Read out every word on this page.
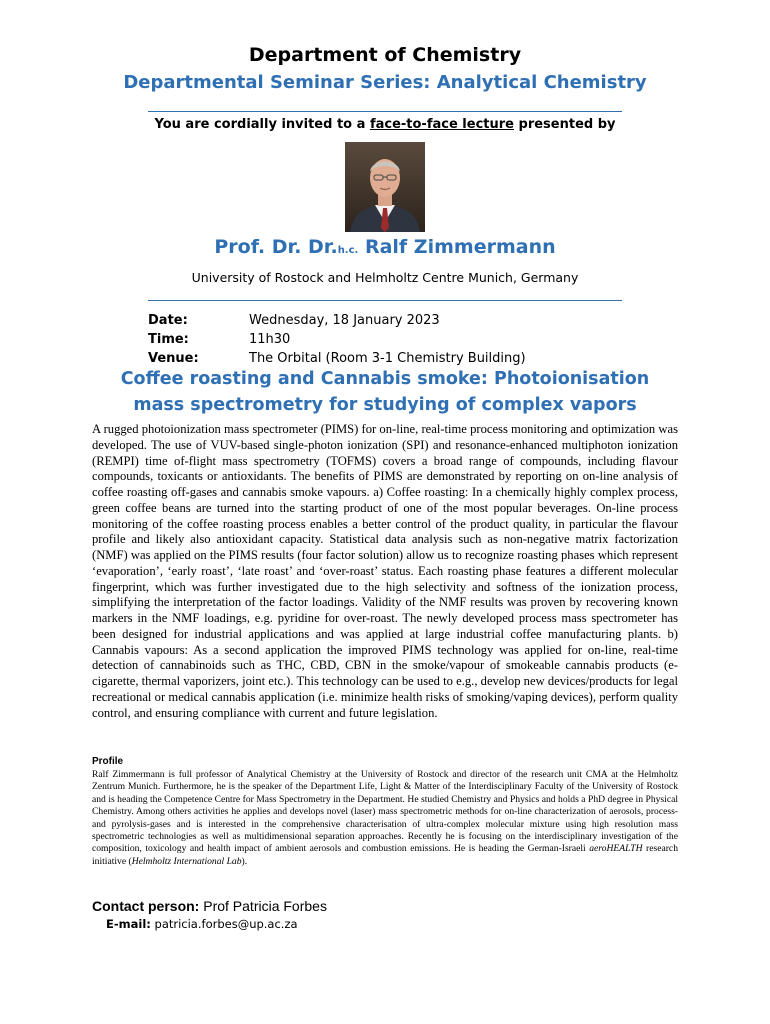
Department of Chemistry
Departmental Seminar Series: Analytical Chemistry
You are cordially invited to a face-to-face lecture presented by
Prof. Dr. Dr.h.c. Ralf Zimmermann
University of Rostock and Helmholtz Centre Munich, Germany
Date:	Wednesday, 18 January 2023
Time:	11h30
Venue:	The Orbital (Room 3-1 Chemistry Building)
Coffee roasting and Cannabis smoke: Photoionisation
mass spectrometry for studying of complex vapors

A rugged photoionization mass spectrometer (PIMS) for on-line, real-time process monitoring and optimization was developed. The use of VUV-based single-photon ionization (SPI) and resonance-enhanced multiphoton ionization (REMPI) time of-flight mass spectrometry (TOFMS) covers a broad range of compounds, including flavour compounds, toxicants or antioxidants. The benefits of PIMS are demonstrated by reporting on on-line analysis of coffee roasting off-gases and cannabis smoke vapours. a) Coffee roasting: In a chemically highly complex process, green coffee beans are turned into the starting product of one of the most popular beverages. On-line process monitoring of the coffee roasting process enables a better control of the product quality, in particular the flavour profile and likely also antioxidant capacity. Statistical data analysis such as non-negative matrix factorization (NMF) was applied on the PIMS results (four factor solution) allow us to recognize roasting phases which represent ‘evaporation’, ‘early roast’, ‘late roast’ and ‘over-roast’ status. Each roasting phase features a different molecular fingerprint, which was further investigated due to the high selectivity and softness of the ionization process, simplifying the interpretation of the factor loadings. Validity of the NMF results was proven by recovering known markers in the NMF loadings, e.g. pyridine for over-roast. The newly developed process mass spectrometer has been designed for industrial applications and was applied at large industrial coffee manufacturing plants. b) Cannabis vapours: As a second application the improved PIMS technology was applied for on-line, real-time detection of cannabinoids such as THC, CBD, CBN in the smoke/vapour of smokeable cannabis products (e-cigarette, thermal vaporizers, joint etc.). This technology can be used to e.g., develop new devices/products for legal recreational or medical cannabis application (i.e. minimize health risks of smoking/vaping devices), perform quality control, and ensuring compliance with current and future legislation.

Profile

Ralf Zimmermann is full professor of Analytical Chemistry at the University of Rostock and director of the research unit CMA at the Helmholtz Zentrum Munich. Furthermore, he is the speaker of the Department Life, Light & Matter of the Interdisciplinary Faculty of the University of Rostock and is heading the Competence Centre for Mass Spectrometry in the Department. He studied Chemistry and Physics and holds a PhD degree in Physical Chemistry. Among others activities he applies and develops novel (laser) mass spectrometric methods for on-line characterization of aerosols, process- and pyrolysis-gases and is interested in the comprehensive characterisation of ultra-complex molecular mixture using high resolution mass spectrometric technologies as well as multidimensional separation approaches. Recently he is focusing on the interdisciplinary investigation of the composition, toxicology and health impact of ambient aerosols and combustion emissions. He is heading the German-Israeli aeroHEALTH research initiative (Helmholtz International Lab).

Contact person: Prof Patricia Forbes
E-mail: patricia.forbes@up.ac.za
